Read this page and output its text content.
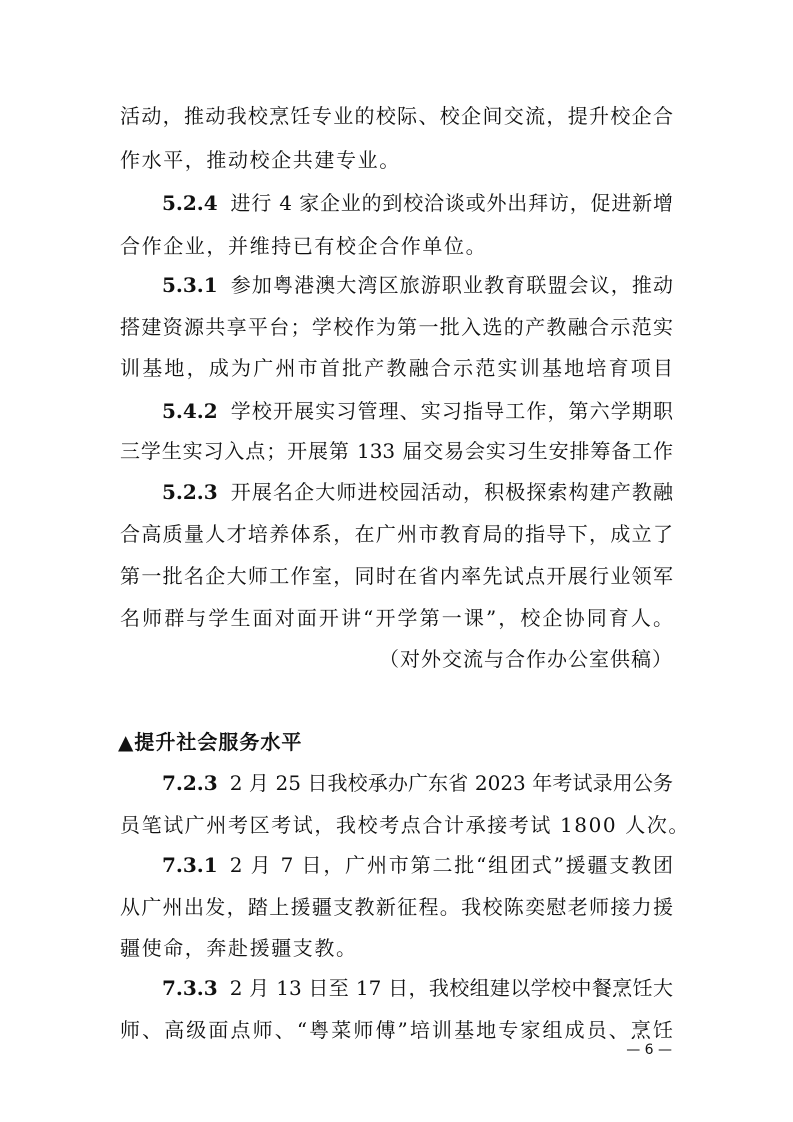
活动，推动我校烹饪专业的校际、校企间交流，提升校企合
作水平，推动校企共建专业。
5.2.4 进行 4 家企业的到校洽谈或外出拜访，促进新增
合作企业，并维持已有校企合作单位。
5.3.1 参加粤港澳大湾区旅游职业教育联盟会议，推动
搭建资源共享平台；学校作为第一批入选的产教融合示范实
训基地，成为广州市首批产教融合示范实训基地培育项目
5.4.2 学校开展实习管理、实习指导工作，第六学期职
三学生实习入点；开展第 133 届交易会实习生安排筹备工作
5.2.3 开展名企大师进校园活动，积极探索构建产教融
合高质量人才培养体系，在广州市教育局的指导下，成立了
第一批名企大师工作室，同时在省内率先试点开展行业领军
名师群与学生面对面开讲“开学第一课”，校企协同育人。
（对外交流与合作办公室供稿）
▲提升社会服务水平
7.2.3 2 月 25 日我校承办广东省 2023 年考试录用公务
员笔试广州考区考试，我校考点合计承接考试 1800 人次。
7.3.1 2 月 7 日，广州市第二批“组团式”援疆支教团
从广州出发，踏上援疆支教新征程。我校陈奕慰老师接力援
疆使命，奔赴援疆支教。
7.3.3 2 月 13 日至 17 日，我校组建以学校中餐烹饪大
师、高级面点师、“粤菜师傅”培训基地专家组成员、烹饪
— 6 —
